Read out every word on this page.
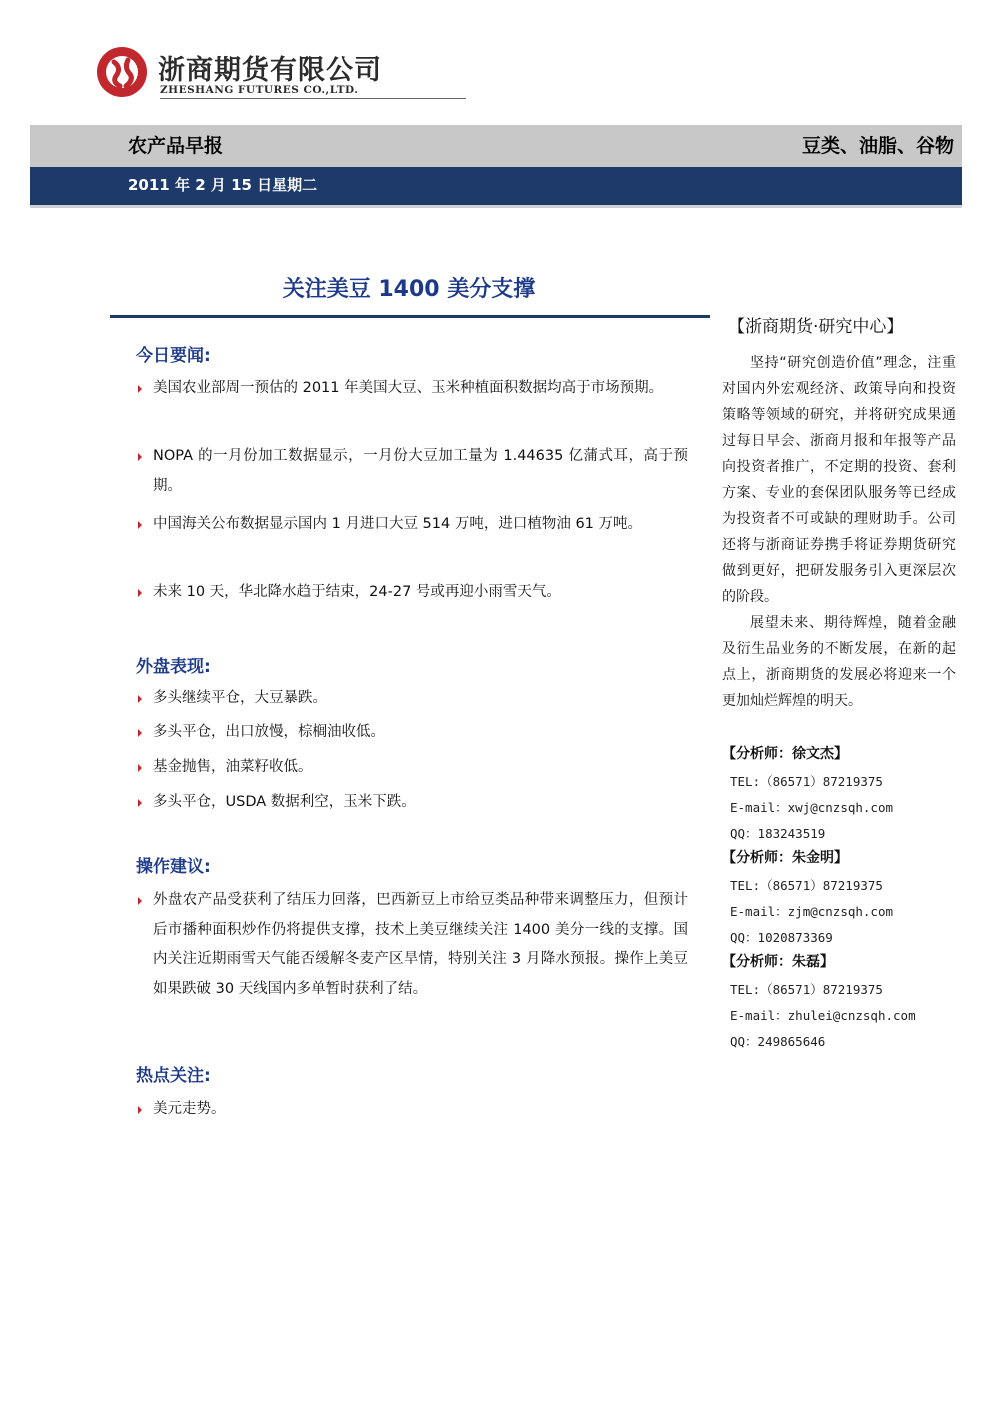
浙商期货有限公司
ZHESHANG FUTURES CO.,LTD.
农产品早报	豆类、油脂、谷物
2011 年 2 月 15 日星期二
关注美豆 1400 美分支撑
今日要闻:
美国农业部周一预估的 2011 年美国大豆、玉米种植面积数据均高于市场预期。
NOPA 的一月份加工数据显示，一月份大豆加工量为 1.44635 亿蒲式耳，高于预期。
中国海关公布数据显示国内 1 月进口大豆 514 万吨，进口植物油 61 万吨。
未来 10 天，华北降水趋于结束，24-27 号或再迎小雨雪天气。
外盘表现:
多头继续平仓，大豆暴跌。
多头平仓，出口放慢，棕榈油收低。
基金抛售，油菜籽收低。
多头平仓，USDA 数据利空，玉米下跌。
操作建议:
外盘农产品受获利了结压力回落，巴西新豆上市给豆类品种带来调整压力，但预计后市播种面积炒作仍将提供支撑，技术上美豆继续关注 1400 美分一线的支撑。国内关注近期雨雪天气能否缓解冬麦产区旱情，特别关注 3 月降水预报。操作上美豆如果跌破 30 天线国内多单暂时获利了结。
热点关注:
美元走势。
【浙商期货·研究中心】
坚持“研究创造价值”理念，注重对国内外宏观经济、政策导向和投资策略等领域的研究，并将研究成果通过每日早会、浙商月报和年报等产品向投资者推广，不定期的投资、套利方案、专业的套保团队服务等已经成为投资者不可或缺的理财助手。公司还将与浙商证券携手将证券期货研究做到更好，把研发服务引入更深层次的阶段。
展望未来、期待辉煌，随着金融及衍生品业务的不断发展，在新的起点上，浙商期货的发展必将迎来一个更加灿烂辉煌的明天。
【分析师：徐文杰】
TEL:（86571）87219375
E-mail：xwj@cnzsqh.com
QQ：183243519
【分析师：朱金明】
TEL:（86571）87219375
E-mail：zjm@cnzsqh.com
QQ：1020873369
【分析师：朱磊】
TEL:（86571）87219375
E-mail：zhulei@cnzsqh.com
QQ：249865646
